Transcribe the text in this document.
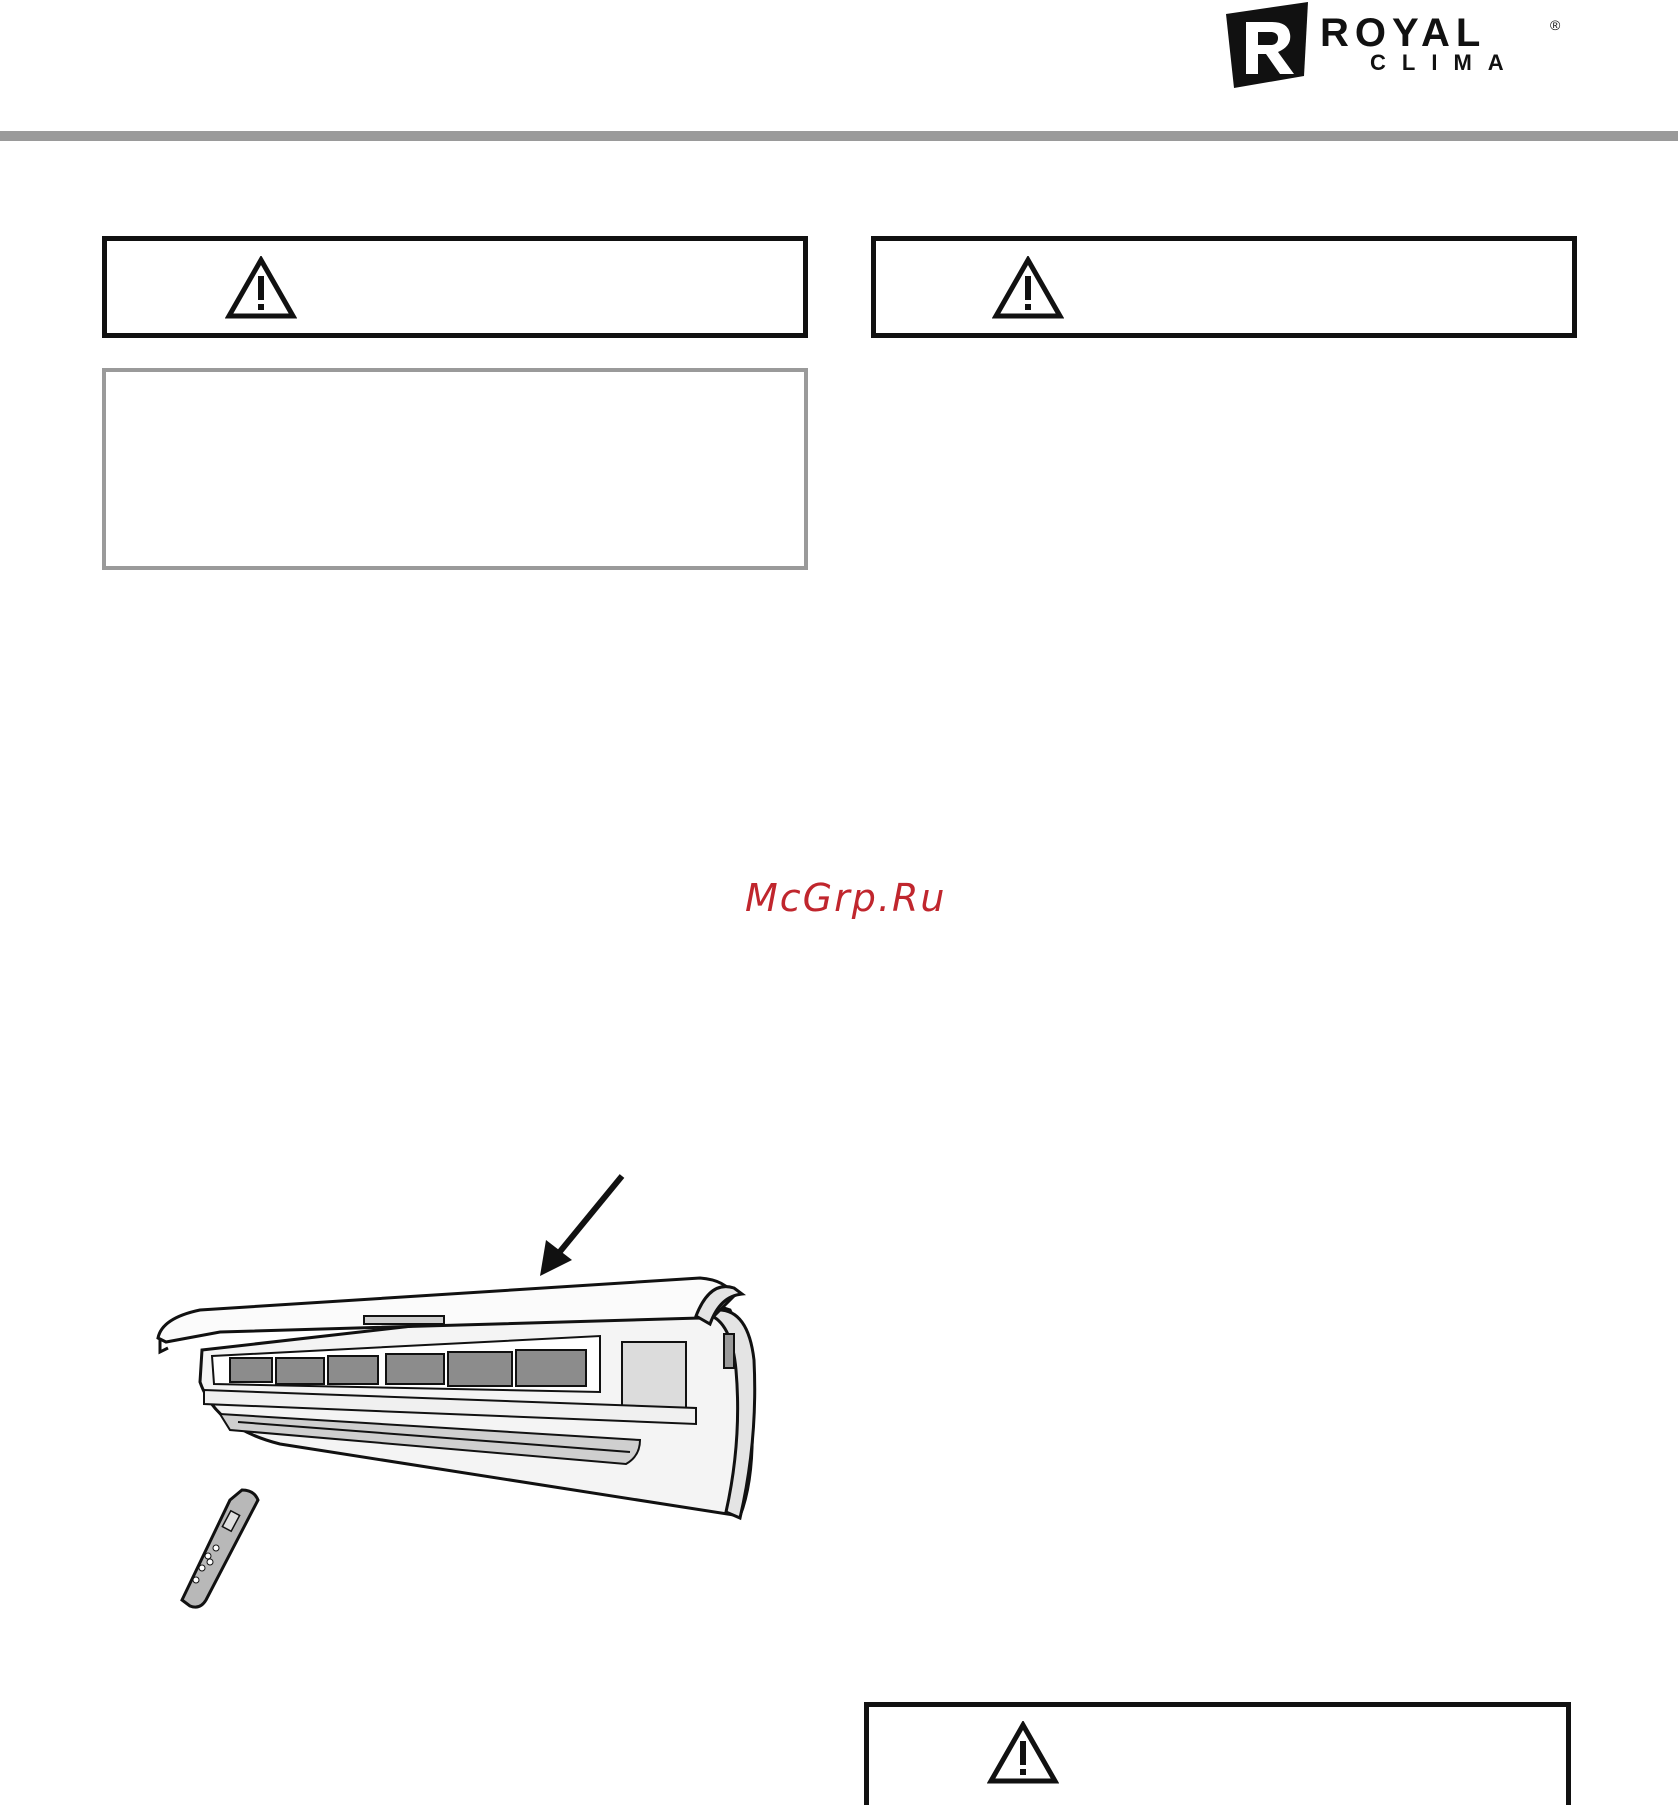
ROYAL	®
CLIMA
McGrp.Ru
